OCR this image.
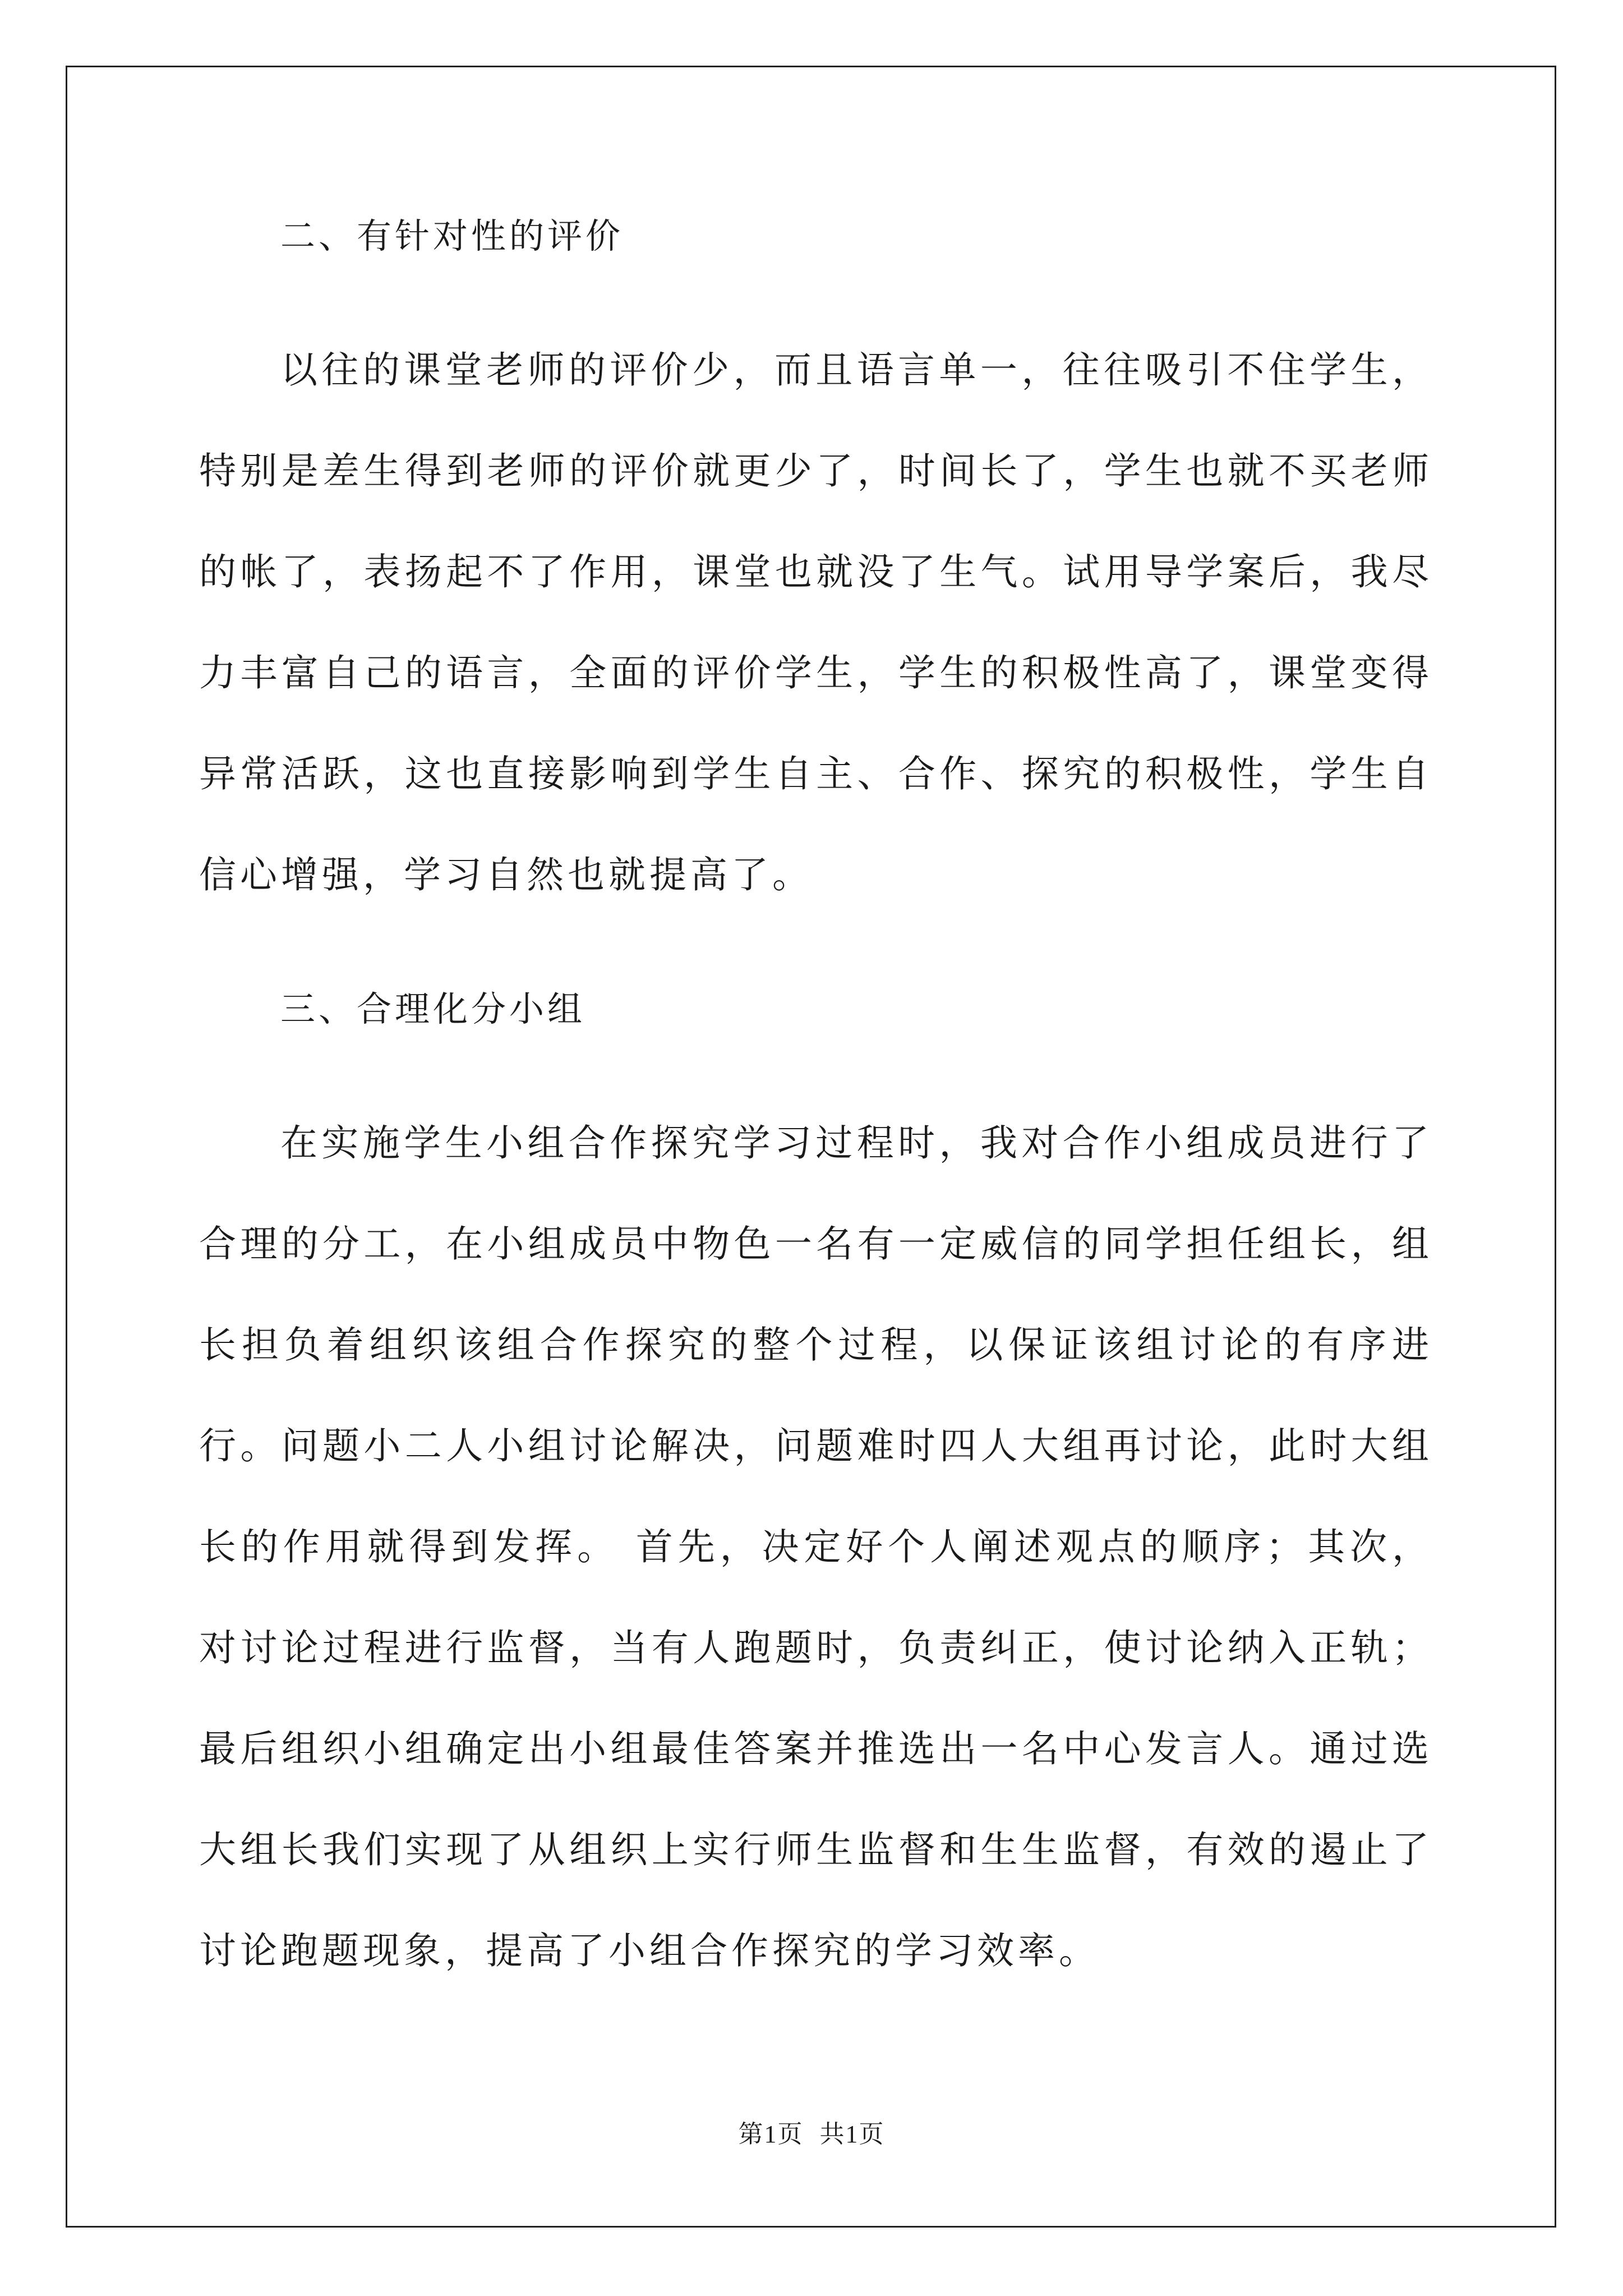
二、有针对性的评价

以往的课堂老师的评价少，而且语言单一，往往吸引不住学生，特别是差生得到老师的评价就更少了，时间长了，学生也就不买老师的帐了，表扬起不了作用，课堂也就没了生气。试用导学案后，我尽力丰富自己的语言，全面的评价学生，学生的积极性高了，课堂变得异常活跃，这也直接影响到学生自主、合作、探究的积极性，学生自信心增强，学习自然也就提高了。

三、合理化分小组

在实施学生小组合作探究学习过程时，我对合作小组成员进行了合理的分工，在小组成员中物色一名有一定威信的同学担任组长，组长担负着组织该组合作探究的整个过程，以保证该组讨论的有序进行。问题小二人小组讨论解决，问题难时四人大组再讨论，此时大组长的作用就得到发挥。 首先，决定好个人阐述观点的顺序；其次，对讨论过程进行监督，当有人跑题时，负责纠正，使讨论纳入正轨；最后组织小组确定出小组最佳答案并推选出一名中心发言人。通过选大组长我们实现了从组织上实行师生监督和生生监督，有效的遏止了讨论跑题现象，提高了小组合作探究的学习效率。

第1页 共1页
